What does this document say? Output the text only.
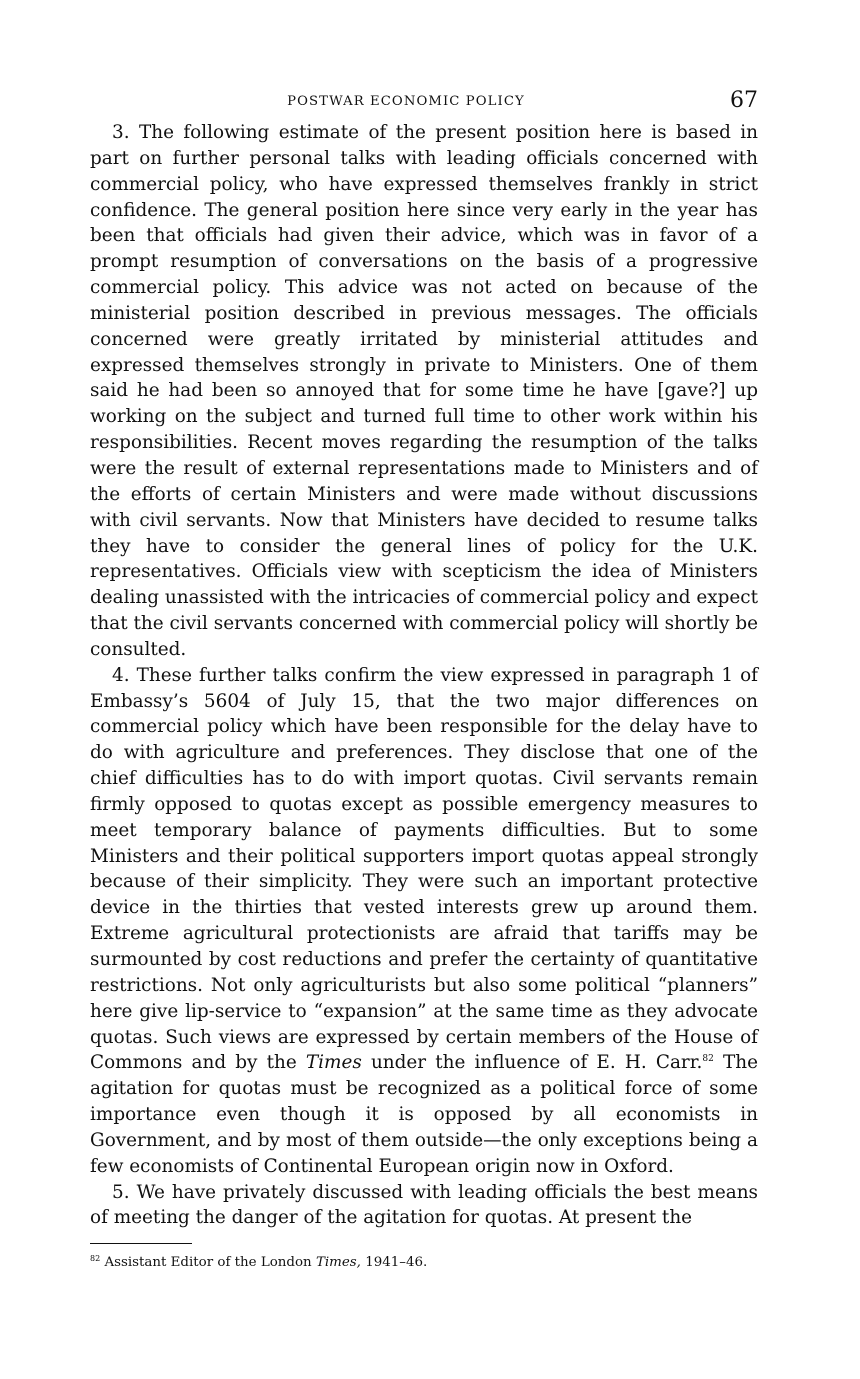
POSTWAR ECONOMIC POLICY	67

3. The following estimate of the present position here is based in part on further personal talks with leading officials concerned with commercial policy, who have expressed themselves frankly in strict confidence. The general position here since very early in the year has been that officials had given their advice, which was in favor of a prompt resumption of conversations on the basis of a progressive commercial policy. This advice was not acted on because of the ministerial position described in previous messages. The officials concerned were greatly irritated by ministerial attitudes and expressed themselves strongly in private to Ministers. One of them said he had been so annoyed that for some time he have [gave?] up working on the subject and turned full time to other work within his responsibilities. Recent moves regarding the resumption of the talks were the result of external representations made to Ministers and of the efforts of certain Ministers and were made without discussions with civil servants. Now that Ministers have decided to resume talks they have to consider the general lines of policy for the U.K. representatives. Officials view with scepticism the idea of Ministers dealing unassisted with the intricacies of commercial policy and expect that the civil servants concerned with commercial policy will shortly be consulted.

4. These further talks confirm the view expressed in paragraph 1 of Embassy’s 5604 of July 15, that the two major differences on commercial policy which have been responsible for the delay have to do with agriculture and preferences. They disclose that one of the chief difficulties has to do with import quotas. Civil servants remain firmly opposed to quotas except as possible emergency measures to meet temporary balance of payments difficulties. But to some Ministers and their political supporters import quotas appeal strongly because of their simplicity. They were such an important protective device in the thirties that vested interests grew up around them. Extreme agricultural protectionists are afraid that tariffs may be surmounted by cost reductions and prefer the certainty of quantitative restrictions. Not only agriculturists but also some political “planners” here give lip-service to “expansion” at the same time as they advocate quotas. Such views are expressed by certain members of the House of Commons and by the Times under the influence of E. H. Carr.$^{82}$ The agitation for quotas must be recognized as a political force of some importance even though it is opposed by all economists in Government, and by most of them outside—the only exceptions being a few economists of Continental European origin now in Oxford.

5. We have privately discussed with leading officials the best means of meeting the danger of the agitation for quotas. At present the

$^{82}$ Assistant Editor of the London Times, 1941–46.
